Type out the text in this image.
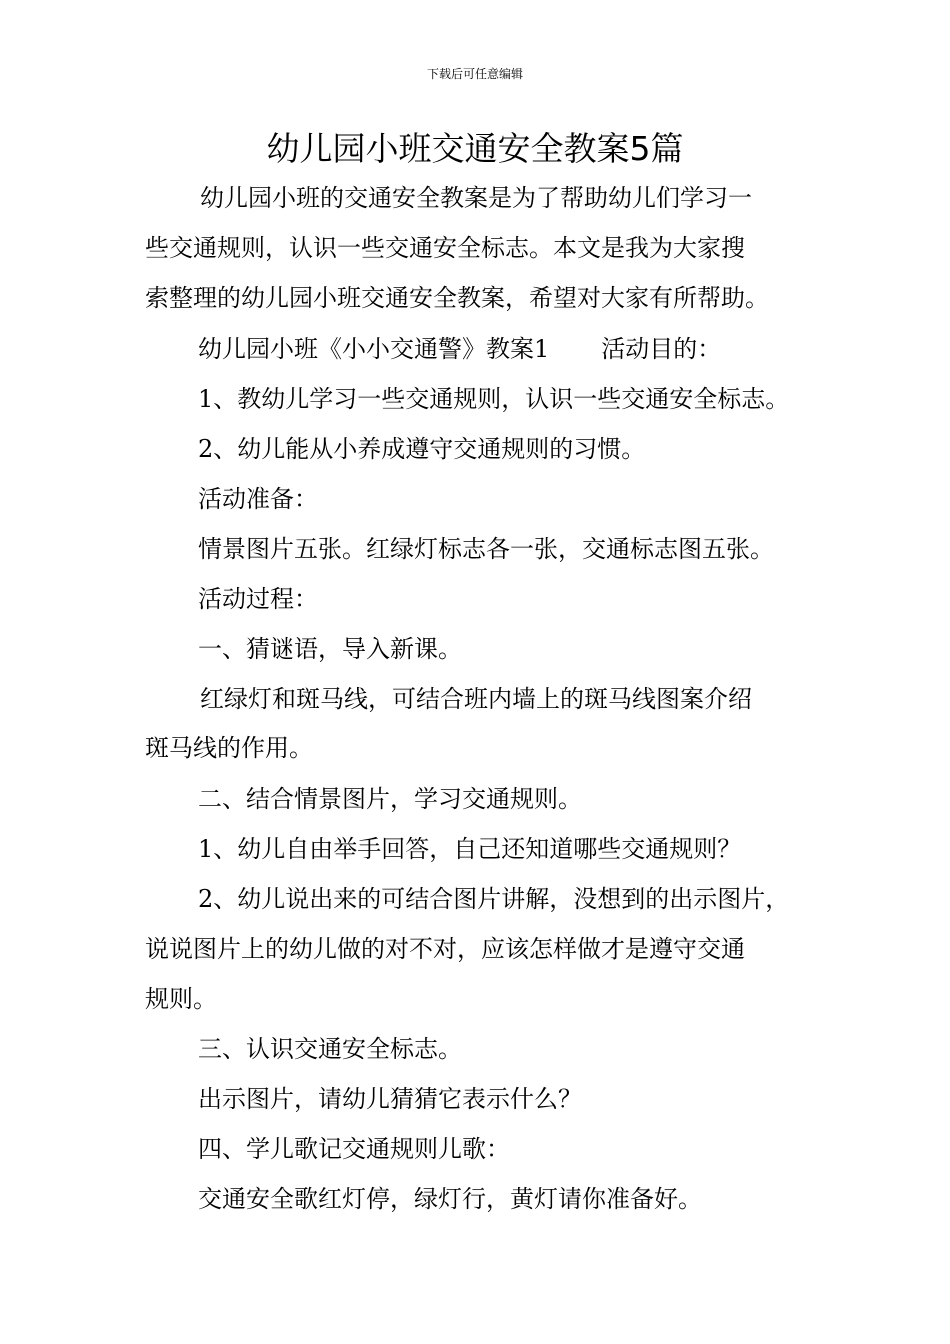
下载后可任意编辑
幼儿园小班交通安全教案5篇
幼儿园小班的交通安全教案是为了帮助幼儿们学习一
些交通规则，认识一些交通安全标志。本文是我为大家搜
索整理的幼儿园小班交通安全教案，希望对大家有所帮助。
幼儿园小班《小小交通警》教案1 活动目的：
1、教幼儿学习一些交通规则，认识一些交通安全标志。
2、幼儿能从小养成遵守交通规则的习惯。
活动准备：
情景图片五张。红绿灯标志各一张，交通标志图五张。
活动过程：
一、猜谜语，导入新课。
红绿灯和斑马线，可结合班内墙上的斑马线图案介绍
斑马线的作用。
二、结合情景图片，学习交通规则。
1、幼儿自由举手回答，自己还知道哪些交通规则？
2、幼儿说出来的可结合图片讲解，没想到的出示图片，
说说图片上的幼儿做的对不对，应该怎样做才是遵守交通
规则。
三、认识交通安全标志。
出示图片，请幼儿猜猜它表示什么？
四、学儿歌记交通规则儿歌：
交通安全歌红灯停，绿灯行，黄灯请你准备好。
